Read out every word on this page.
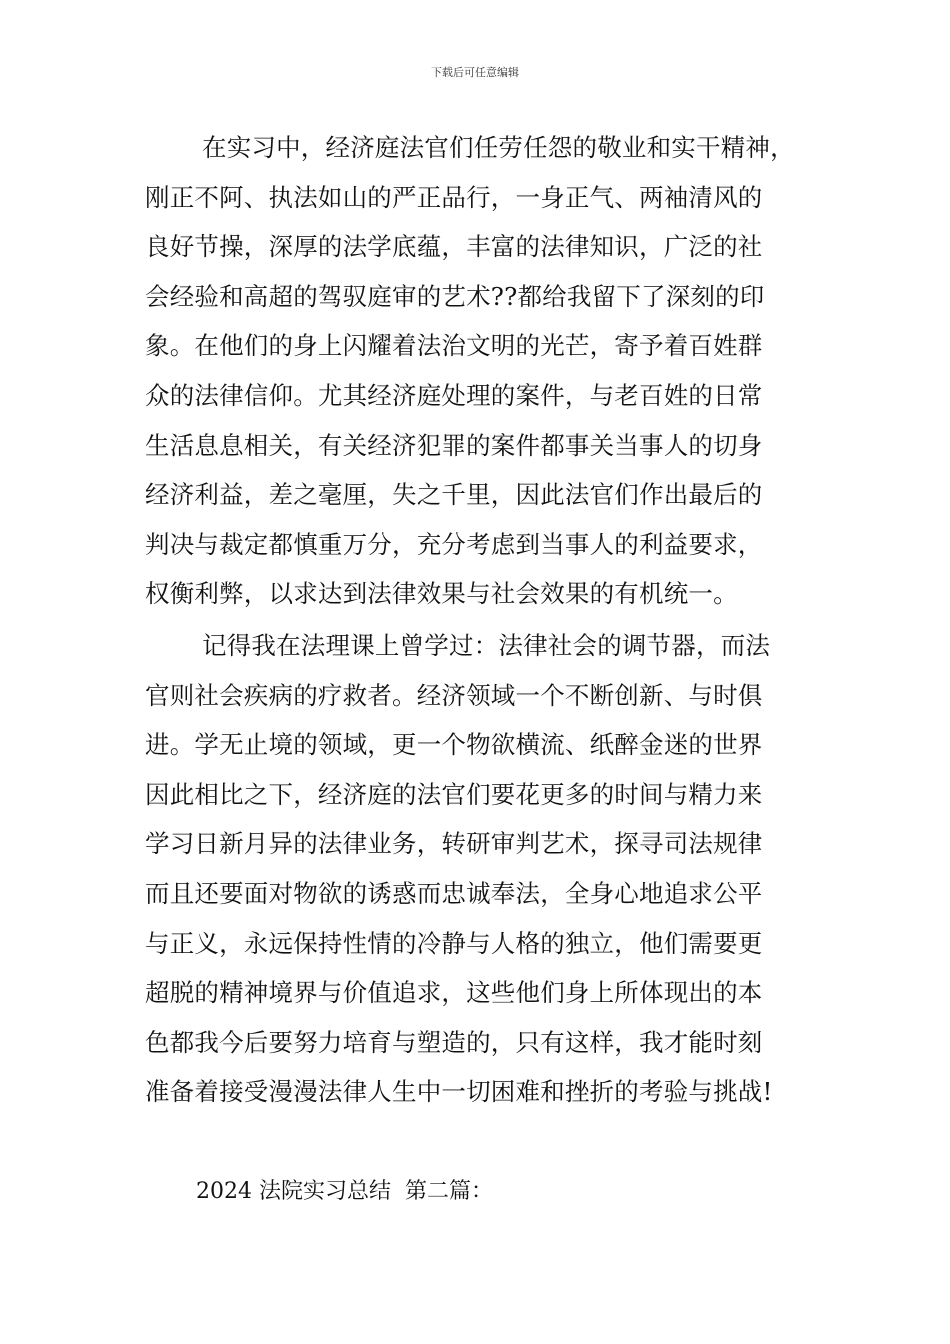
下载后可任意编辑

在实习中，经济庭法官们任劳任怨的敬业和实干精神，
刚正不阿、执法如山的严正品行，一身正气、两袖清风的
良好节操，深厚的法学底蕴，丰富的法律知识，广泛的社
会经验和高超的驾驭庭审的艺术??都给我留下了深刻的印
象。在他们的身上闪耀着法治文明的光芒，寄予着百姓群
众的法律信仰。尤其经济庭处理的案件，与老百姓的日常
生活息息相关，有关经济犯罪的案件都事关当事人的切身
经济利益，差之毫厘，失之千里，因此法官们作出最后的
判决与裁定都慎重万分，充分考虑到当事人的利益要求，
权衡利弊，以求达到法律效果与社会效果的有机统一。

记得我在法理课上曾学过：法律社会的调节器，而法
官则社会疾病的疗救者。经济领域一个不断创新、与时俱
进。学无止境的领域，更一个物欲横流、纸醉金迷的世界
因此相比之下，经济庭的法官们要花更多的时间与精力来
学习日新月异的法律业务，转研审判艺术，探寻司法规律
而且还要面对物欲的诱惑而忠诚奉法，全身心地追求公平
与正义，永远保持性情的冷静与人格的独立，他们需要更
超脱的精神境界与价值追求，这些他们身上所体现出的本
色都我今后要努力培育与塑造的，只有这样，我才能时刻
准备着接受漫漫法律人生中一切困难和挫折的考验与挑战!

2024 法院实习总结  第二篇：
